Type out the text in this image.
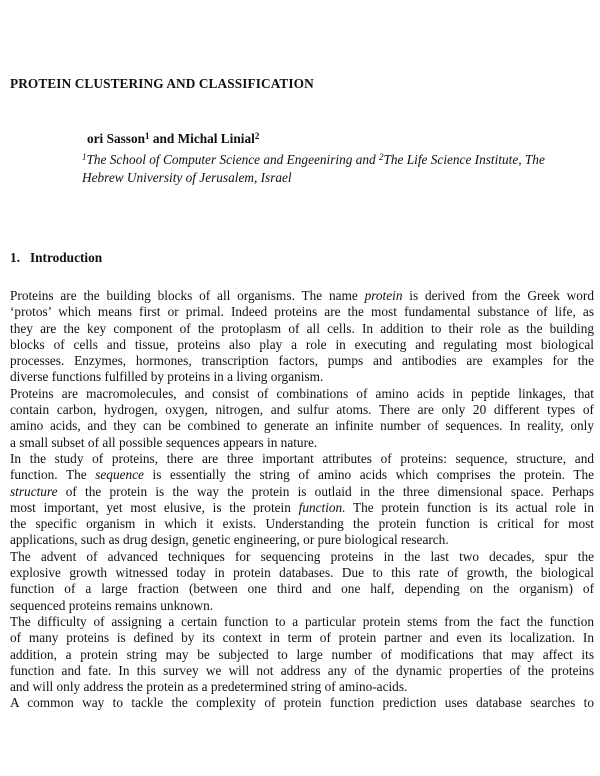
PROTEIN CLUSTERING AND CLASSIFICATION
ori Sasson$^1$ and Michal Linial$^2$
$^1$The School of Computer Science and Engeeniring and $^2$The Life Science Institute, The
Hebrew University of Jerusalem, Israel
1. Introduction
Proteins are the building blocks of all organisms. The name protein is derived from the Greek word
‘protos’ which means first or primal. Indeed proteins are the most fundamental substance of life, as
they are the key component of the protoplasm of all cells. In addition to their role as the building
blocks of cells and tissue, proteins also play a role in executing and regulating most biological
processes. Enzymes, hormones, transcription factors, pumps and antibodies are examples for the
diverse functions fulfilled by proteins in a living organism.
Proteins are macromolecules, and consist of combinations of amino acids in peptide linkages, that
contain carbon, hydrogen, oxygen, nitrogen, and sulfur atoms. There are only 20 different types of
amino acids, and they can be combined to generate an infinite number of sequences. In reality, only
a small subset of all possible sequences appears in nature.
In the study of proteins, there are three important attributes of proteins: sequence, structure, and
function. The sequence is essentially the string of amino acids which comprises the protein. The
structure of the protein is the way the protein is outlaid in the three dimensional space. Perhaps
most important, yet most elusive, is the protein function. The protein function is its actual role in
the specific organism in which it exists. Understanding the protein function is critical for most
applications, such as drug design, genetic engineering, or pure biological research.
The advent of advanced techniques for sequencing proteins in the last two decades, spur the
explosive growth witnessed today in protein databases. Due to this rate of growth, the biological
function of a large fraction (between one third and one half, depending on the organism) of
sequenced proteins remains unknown.
The difficulty of assigning a certain function to a particular protein stems from the fact the function
of many proteins is defined by its context in term of protein partner and even its localization. In
addition, a protein string may be subjected to large number of modifications that may affect its
function and fate. In this survey we will not address any of the dynamic properties of the proteins
and will only address the protein as a predetermined string of amino-acids.
A common way to tackle the complexity of protein function prediction uses database searches to
